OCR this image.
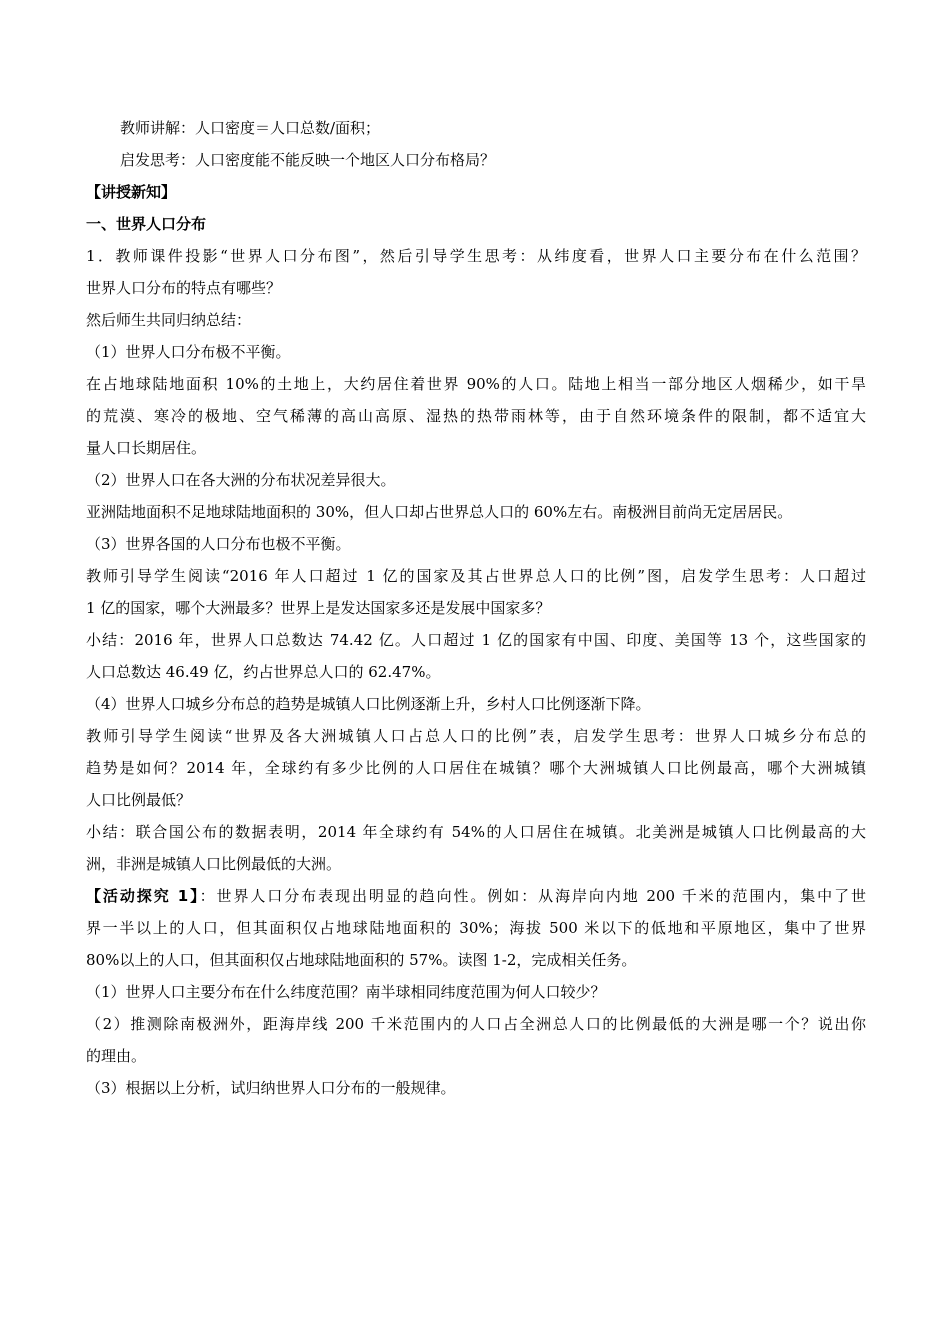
教师讲解：人口密度＝人口总数/面积；

启发思考：人口密度能不能反映一个地区人口分布格局？

【讲授新知】

一、世界人口分布

1．教师课件投影“世界人口分布图”，然后引导学生思考：从纬度看，世界人口主要分布在什么范围？

世界人口分布的特点有哪些？

然后师生共同归纳总结：

（1）世界人口分布极不平衡。

在占地球陆地面积 10%的土地上，大约居住着世界 90%的人口。陆地上相当一部分地区人烟稀少，如干旱

的荒漠、寒冷的极地、空气稀薄的高山高原、湿热的热带雨林等，由于自然环境条件的限制，都不适宜大

量人口长期居住。

（2）世界人口在各大洲的分布状况差异很大。

亚洲陆地面积不足地球陆地面积的 30%，但人口却占世界总人口的 60%左右。南极洲目前尚无定居居民。

（3）世界各国的人口分布也极不平衡。

教师引导学生阅读“2016 年人口超过 1 亿的国家及其占世界总人口的比例”图，启发学生思考：人口超过

1 亿的国家，哪个大洲最多？世界上是发达国家多还是发展中国家多？

小结：2016 年，世界人口总数达 74.42 亿。人口超过 1 亿的国家有中国、印度、美国等 13 个，这些国家的

人口总数达 46.49 亿，约占世界总人口的 62.47%。

（4）世界人口城乡分布总的趋势是城镇人口比例逐渐上升，乡村人口比例逐渐下降。

教师引导学生阅读“世界及各大洲城镇人口占总人口的比例”表，启发学生思考：世界人口城乡分布总的

趋势是如何？2014 年，全球约有多少比例的人口居住在城镇？哪个大洲城镇人口比例最高，哪个大洲城镇

人口比例最低？

小结：联合国公布的数据表明，2014 年全球约有 54%的人口居住在城镇。北美洲是城镇人口比例最高的大

洲，非洲是城镇人口比例最低的大洲。

【活动探究 1】：世界人口分布表现出明显的趋向性。例如：从海岸向内地 200 千米的范围内，集中了世

界一半以上的人口，但其面积仅占地球陆地面积的 30%；海拔 500 米以下的低地和平原地区，集中了世界

80%以上的人口，但其面积仅占地球陆地面积的 57%。读图 1-2，完成相关任务。

（1）世界人口主要分布在什么纬度范围？南半球相同纬度范围为何人口较少？

（2）推测除南极洲外，距海岸线 200 千米范围内的人口占全洲总人口的比例最低的大洲是哪一个？说出你

的理由。

（3）根据以上分析，试归纳世界人口分布的一般规律。
